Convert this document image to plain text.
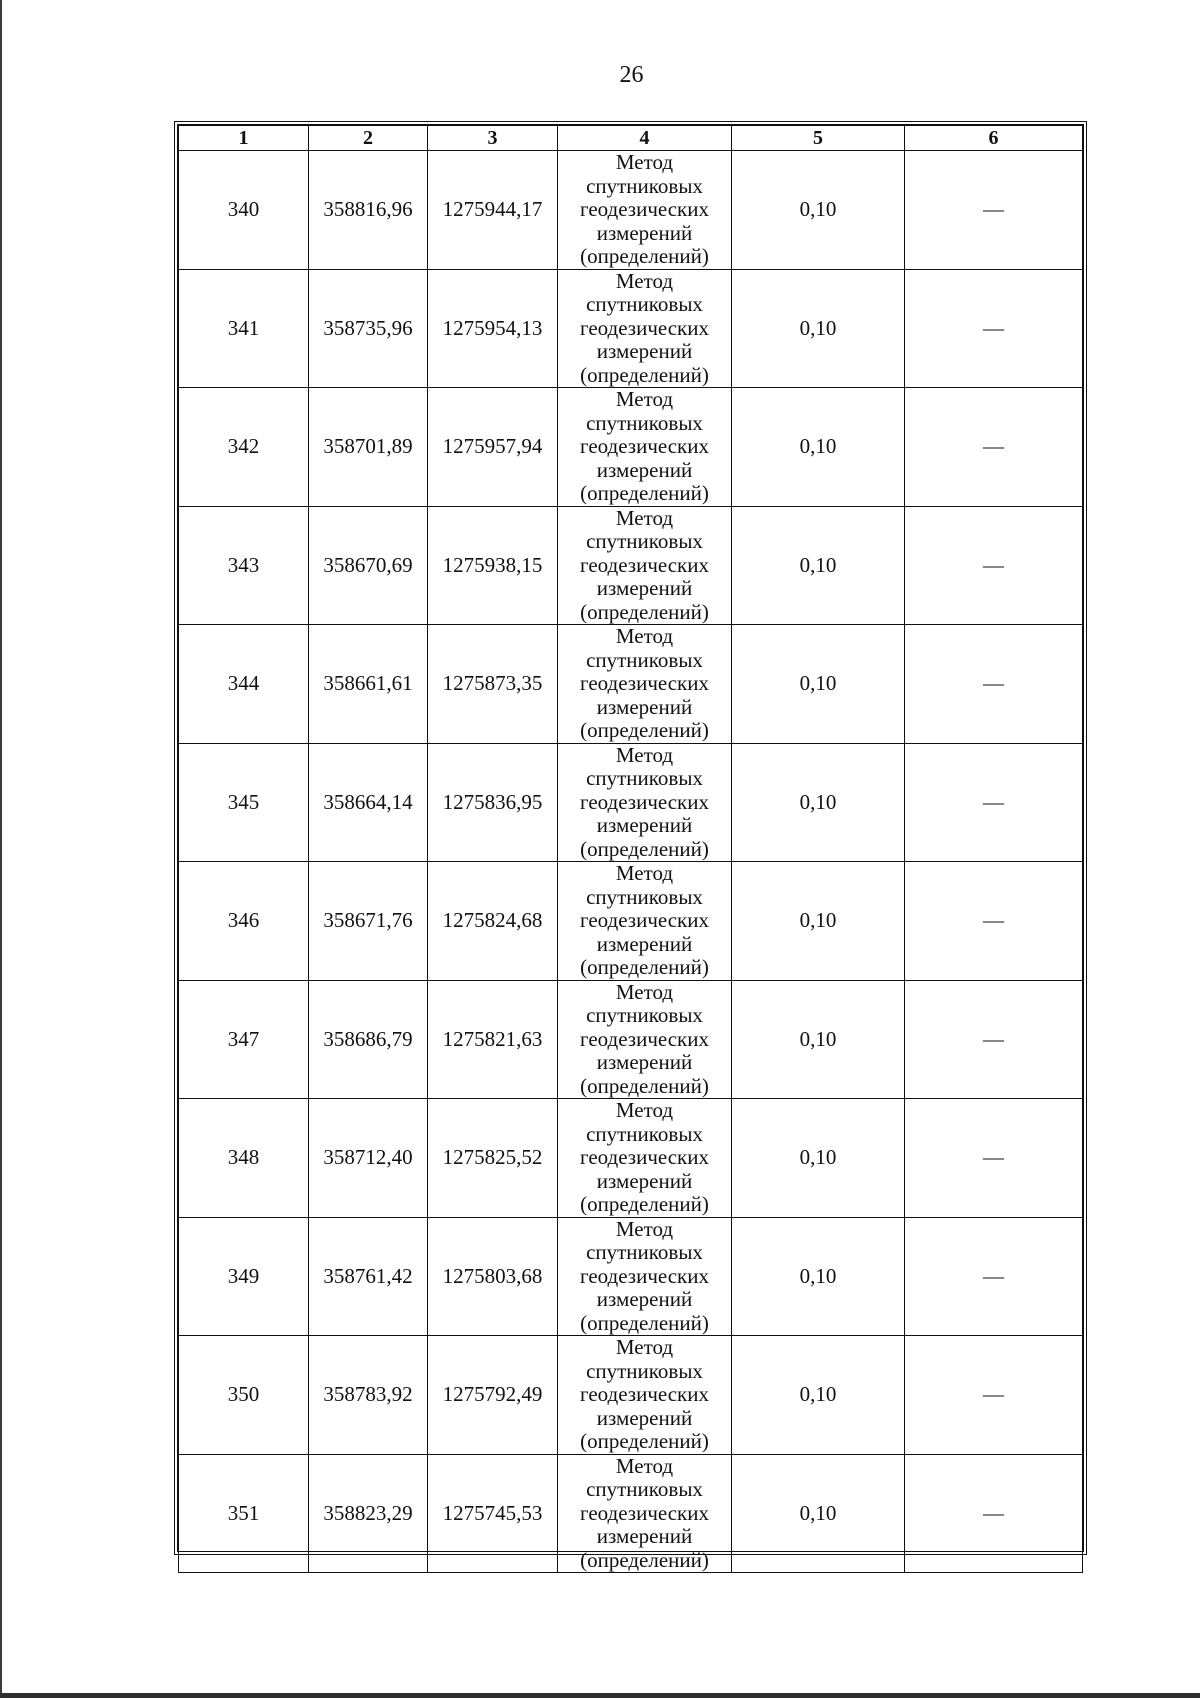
26
1	2	3	4	5	6
340	358816,96	1275944,17	Метод
спутниковых
геодезических
измерений
(определений)	0,10	—
341	358735,96	1275954,13	Метод
спутниковых
геодезических
измерений
(определений)	0,10	—
342	358701,89	1275957,94	Метод
спутниковых
геодезических
измерений
(определений)	0,10	—
343	358670,69	1275938,15	Метод
спутниковых
геодезических
измерений
(определений)	0,10	—
344	358661,61	1275873,35	Метод
спутниковых
геодезических
измерений
(определений)	0,10	—
345	358664,14	1275836,95	Метод
спутниковых
геодезических
измерений
(определений)	0,10	—
346	358671,76	1275824,68	Метод
спутниковых
геодезических
измерений
(определений)	0,10	—
347	358686,79	1275821,63	Метод
спутниковых
геодезических
измерений
(определений)	0,10	—
348	358712,40	1275825,52	Метод
спутниковых
геодезических
измерений
(определений)	0,10	—
349	358761,42	1275803,68	Метод
спутниковых
геодезических
измерений
(определений)	0,10	—
350	358783,92	1275792,49	Метод
спутниковых
геодезических
измерений
(определений)	0,10	—
351	358823,29	1275745,53	Метод
спутниковых
геодезических
измерений
(определений)	0,10	—
